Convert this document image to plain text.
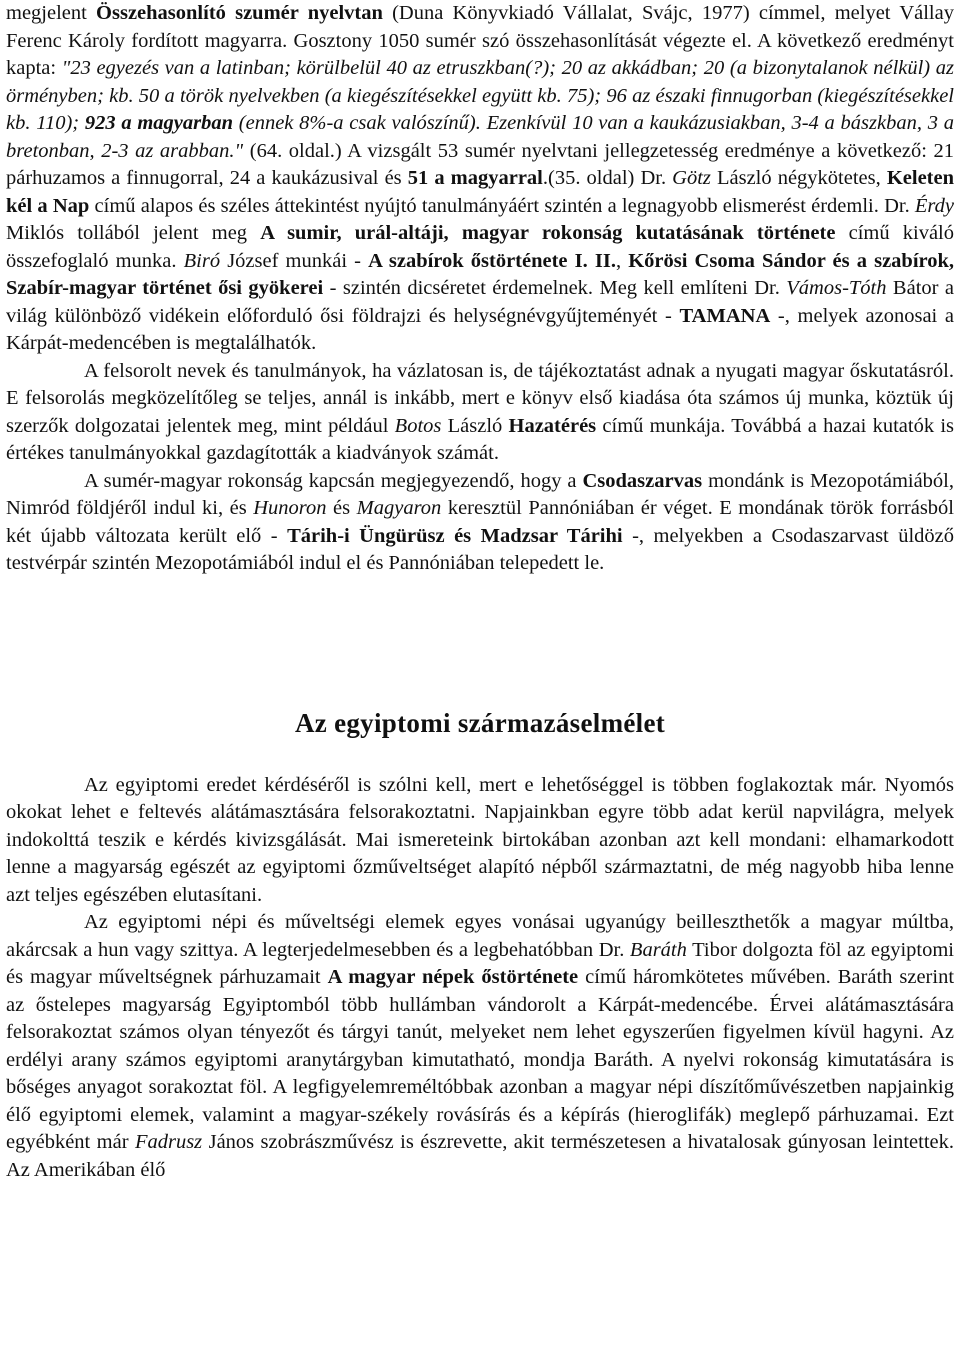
megjelent Összehasonlító szumér nyelvtan (Duna Könyvkiadó Vállalat, Svájc, 1977) címmel, melyet Vállay Ferenc Károly fordított magyarra. Gosztony 1050 sumér szó összehasonlítását végezte el. A következő eredményt kapta: "23 egyezés van a latinban; körülbelül 40 az etruszkban(?); 20 az akkádban; 20 (a bizonytalanok nélkül) az örményben; kb. 50 a török nyelvekben (a kiegészítésekkel együtt kb. 75); 96 az északi finnugorban (kiegészítésekkel kb. 110); 923 a magyarban (ennek 8%-a csak valószínű). Ezenkívül 10 van a kaukázusiakban, 3-4 a bászkban, 3 a bretonban, 2-3 az arabban." (64. oldal.) A vizsgált 53 sumér nyelvtani jellegzetesség eredménye a következő: 21 párhuzamos a finnugorral, 24 a kaukázusival és 51 a magyarral.(35. oldal) Dr. Götz László négykötetes, Keleten kél a Nap című alapos és széles áttekintést nyújtó tanulmányáért szintén a legnagyobb elismerést érdemli. Dr. Érdy Miklós tollából jelent meg A sumir, urál-altáji, magyar rokonság kutatásának története című kiváló összefoglaló munka. Biró József munkái - A szabírok őstörténete I. II., Kőrösi Csoma Sándor és a szabírok, Szabír-magyar történet ősi gyökerei - szintén dicséretet érdemelnek. Meg kell említeni Dr. Vámos-Tóth Bátor a világ különböző vidékein előforduló ősi földrajzi és helységnévgyűjteményét - TAMANA -, melyek azonosai a Kárpát-medencében is megtalálhatók.

A felsorolt nevek és tanulmányok, ha vázlatosan is, de tájékoztatást adnak a nyugati magyar őskutatásról. E felsorolás megközelítőleg se teljes, annál is inkább, mert e könyv első kiadása óta számos új munka, köztük új szerzők dolgozatai jelentek meg, mint például Botos László Hazatérés című munkája. Továbbá a hazai kutatók is értékes tanulmányokkal gazdagították a kiadványok számát.

A sumér-magyar rokonság kapcsán megjegyezendő, hogy a Csodaszarvas mondánk is Mezopotámiából, Nimród földjéről indul ki, és Hunoron és Magyaron keresztül Pannóniában ér véget. E mondának török forrásból két újabb változata került elő - Tárih-i Üngürüsz és Madzsar Tárihi -, melyekben a Csodaszarvast üldöző testvérpár szintén Mezopotámiából indul el és Pannóniában telepedett le.

Az egyiptomi származáselmélet

Az egyiptomi eredet kérdéséről is szólni kell, mert e lehetőséggel is többen foglakoztak már. Nyomós okokat lehet e feltevés alátámasztására felsorakoztatni. Napjainkban egyre több adat kerül napvilágra, melyek indokolttá teszik e kérdés kivizsgálását. Mai ismereteink birtokában azonban azt kell mondani: elhamarkodott lenne a magyarság egészét az egyiptomi őzműveltséget alapító népből származtatni, de még nagyobb hiba lenne azt teljes egészében elutasítani.

Az egyiptomi népi és műveltségi elemek egyes vonásai ugyanúgy beilleszthetők a magyar múltba, akárcsak a hun vagy szittya. A legterjedelmesebben és a legbehatóbban Dr. Baráth Tibor dolgozta föl az egyiptomi és magyar műveltségnek párhuzamait A magyar népek őstörténete című háromkötetes művében. Baráth szerint az őstelepes magyarság Egyiptomból több hullámban vándorolt a Kárpát-medencébe. Érvei alátámasztására felsorakoztat számos olyan tényezőt és tárgyi tanút, melyeket nem lehet egyszerűen figyelmen kívül hagyni. Az erdélyi arany számos egyiptomi aranytárgyban kimutatható, mondja Baráth. A nyelvi rokonság kimutatására is bőséges anyagot sorakoztat föl. A legfigyelemreméltóbbak azonban a magyar népi díszítőművészetben napjainkig élő egyiptomi elemek, valamint a magyar-székely rovásírás és a képírás (hieroglifák) meglepő párhuzamai. Ezt egyébként már Fadrusz János szobrászművész is észrevette, akit természetesen a hivatalosak gúnyosan leintettek. Az Amerikában élő
